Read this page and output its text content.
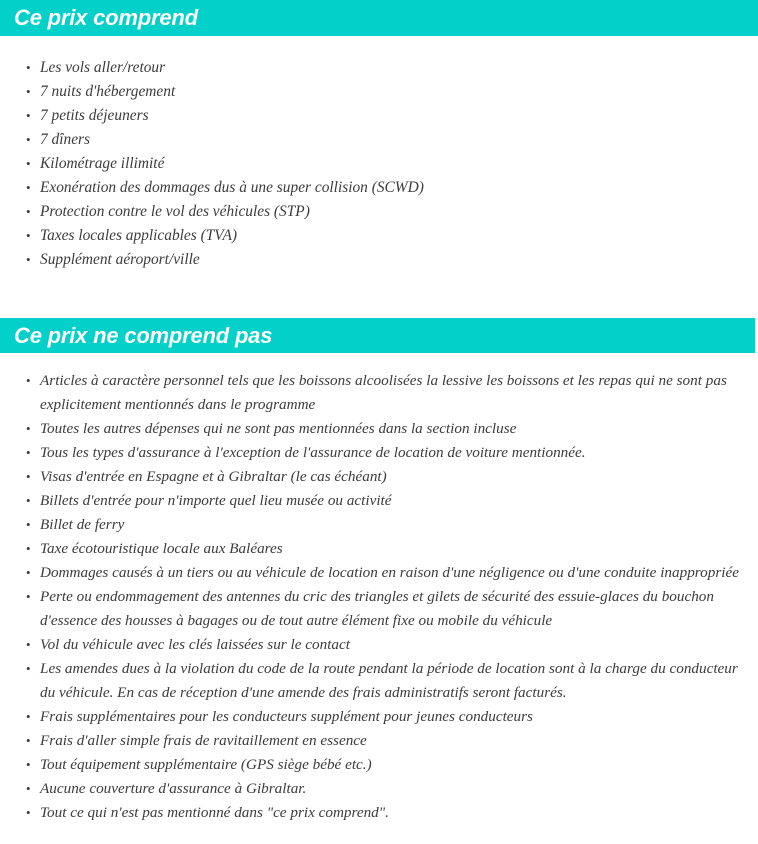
Ce prix comprend
• Les vols aller/retour
• 7 nuits d'hébergement
• 7 petits déjeuners
• 7 dîners
• Kilométrage illimité
• Exonération des dommages dus à une super collision (SCWD)
• Protection contre le vol des véhicules (STP)
• Taxes locales applicables (TVA)
• Supplément aéroport/ville
Ce prix ne comprend pas
• Articles à caractère personnel tels que les boissons alcoolisées la lessive les boissons et les repas qui ne sont pas explicitement mentionnés dans le programme
• Toutes les autres dépenses qui ne sont pas mentionnées dans la section incluse
• Tous les types d'assurance à l'exception de l'assurance de location de voiture mentionnée.
• Visas d'entrée en Espagne et à Gibraltar (le cas échéant)
• Billets d'entrée pour n'importe quel lieu musée ou activité
• Billet de ferry
• Taxe écotouristique locale aux Baléares
• Dommages causés à un tiers ou au véhicule de location en raison d'une négligence ou d'une conduite inappropriée
• Perte ou endommagement des antennes du cric des triangles et gilets de sécurité des essuie-glaces du bouchon d'essence des housses à bagages ou de tout autre élément fixe ou mobile du véhicule
• Vol du véhicule avec les clés laissées sur le contact
• Les amendes dues à la violation du code de la route pendant la période de location sont à la charge du conducteur du véhicule. En cas de réception d'une amende des frais administratifs seront facturés.
• Frais supplémentaires pour les conducteurs supplément pour jeunes conducteurs
• Frais d'aller simple frais de ravitaillement en essence
• Tout équipement supplémentaire (GPS siège bébé etc.)
• Aucune couverture d'assurance à Gibraltar.
• Tout ce qui n'est pas mentionné dans "ce prix comprend".
